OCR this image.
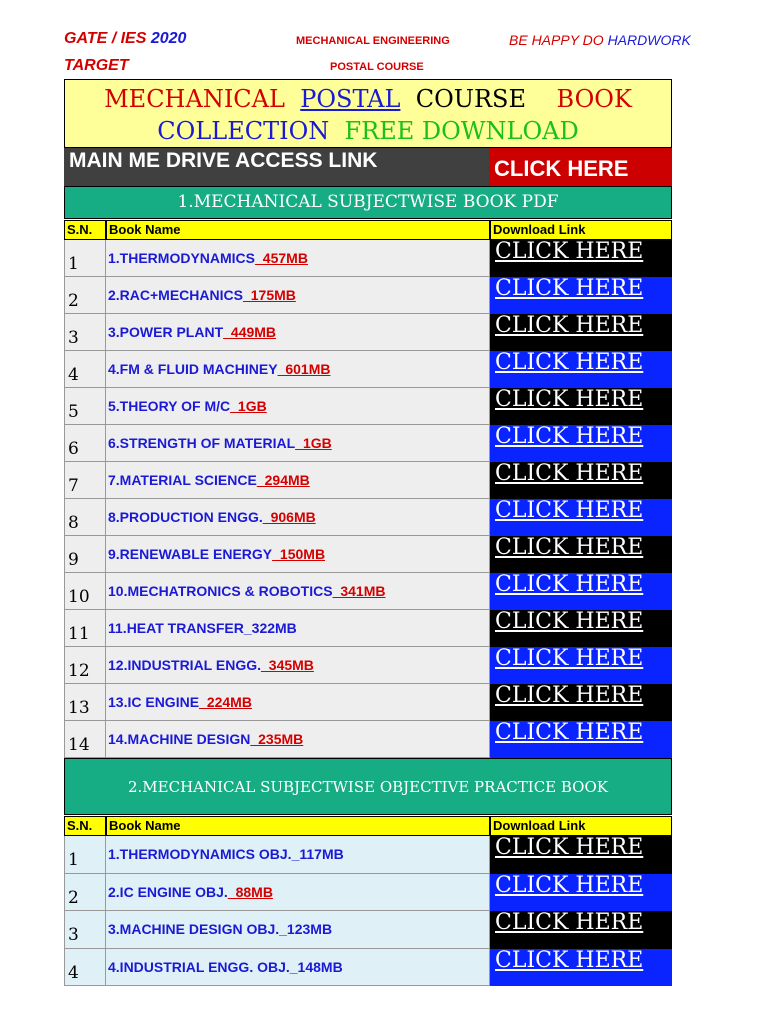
GATE / IES 2020
TARGET
MECHANICAL ENGINEERING
POSTAL COURSE
BE HAPPY DO HARDWORK
MECHANICAL POSTAL COURSE BOOK
COLLECTION FREE DOWNLOAD
MAIN ME DRIVE ACCESS LINK	CLICK HERE
1.MECHANICAL SUBJECTWISE BOOK PDF
S.N.	Book Name	Download Link
1	1.THERMODYNAMICS_457MB	CLICK HERE
2	2.RAC+MECHANICS_175MB	CLICK HERE
3	3.POWER PLANT_449MB	CLICK HERE
4	4.FM & FLUID MACHINEY_601MB	CLICK HERE
5	5.THEORY OF M/C_1GB	CLICK HERE
6	6.STRENGTH OF MATERIAL_1GB	CLICK HERE
7	7.MATERIAL SCIENCE_294MB	CLICK HERE
8	8.PRODUCTION ENGG._906MB	CLICK HERE
9	9.RENEWABLE ENERGY_150MB	CLICK HERE
10	10.MECHATRONICS & ROBOTICS_341MB	CLICK HERE
11	11.HEAT TRANSFER_322MB	CLICK HERE
12	12.INDUSTRIAL ENGG._345MB	CLICK HERE
13	13.IC ENGINE_224MB	CLICK HERE
14	14.MACHINE DESIGN_235MB	CLICK HERE
2.MECHANICAL SUBJECTWISE OBJECTIVE PRACTICE BOOK
S.N.	Book Name	Download Link
1	1.THERMODYNAMICS OBJ._117MB	CLICK HERE
2	2.IC ENGINE OBJ._88MB	CLICK HERE
3	3.MACHINE DESIGN OBJ._123MB	CLICK HERE
4	4.INDUSTRIAL ENGG. OBJ._148MB	CLICK HERE
